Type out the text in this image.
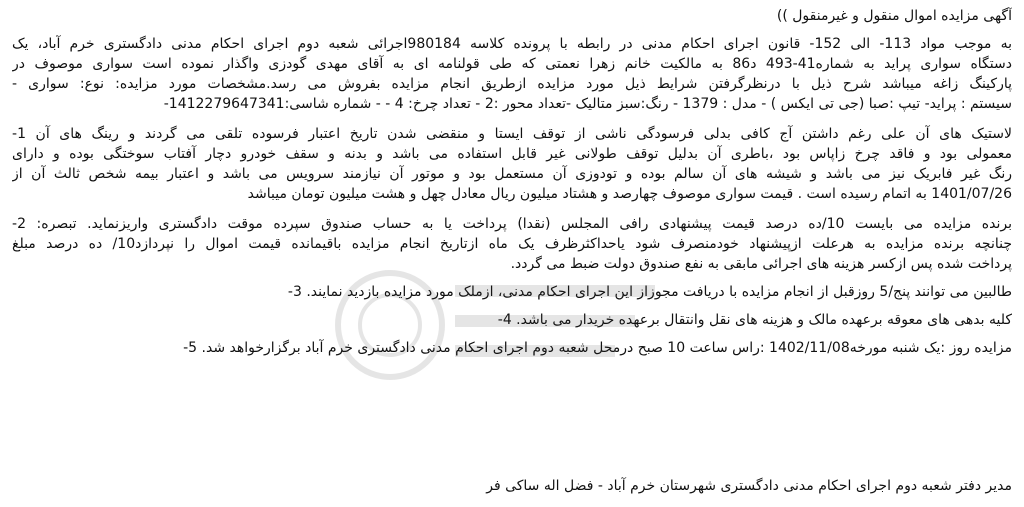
آگهی مزایده اموال منقول و غیرمنقول ))
به موجب مواد 113- الی 152- قانون اجرای احکام مدنی در رابطه با پرونده کلاسه 980184اجرائی شعبه دوم اجرای احکام مدنی دادگستری خرم آباد، یک
دستگاه سواری پراید به شماره41-493 د86 به مالکیت خانم زهرا نعمتی که طی قولنامه ای به آقای مهدی گودزی واگذار نموده است سواری موصوف در
پارکینگ زاغه میباشد شرح ذیل با درنظرگرفتن شرایط ذیل مورد مزایده ازطریق انجام مزایده بفروش می رسد.مشخصات مورد مزایده: نوع: سواری -
سیستم : پراید- تیپ :صبا (جی تی ایکس ) - مدل : 1379 - رنگ:سبز متالیک -تعداد محور :2 - تعداد چرخ: 4 - - شماره شاسی:1412279647341-
لاستیک های آن علی رغم داشتن آج کافی بدلی فرسودگی ناشی از توقف ایستا و منقضی شدن تاریخ اعتبار فرسوده تلقی می گردند و رینگ های آن 1-
معمولی بود و فاقد چرخ زاپاس بود ،باطری آن بدلیل توقف طولانی غیر قابل استفاده می باشد و بدنه و سقف خودرو دچار آفتاب سوختگی بوده و دارای
رنگ غیر فابریک نیز می باشد و شیشه های آن سالم بوده و تودوزی آن مستعمل بود و موتور آن نیازمند سرویس می باشد و اعتبار بیمه شخص ثالث آن از
1401/07/26 به اتمام رسیده است . قیمت سواری موصوف چهارصد و هشتاد میلیون ریال معادل چهل و هشت میلیون تومان میباشد
برنده مزایده می بایست 10/ده درصد قیمت پیشنهادی رافی المجلس (نقدا) پرداخت یا به حساب صندوق سپرده موقت دادگستری واریزنماید. تبصره: 2-
چنانچه برنده مزایده به هرعلت ازپیشنهاد خودمنصرف شود یاحداکثرظرف یک ماه ازتاریخ انجام مزایده باقیمانده قیمت اموال را نپردازد10/ ده درصد مبلغ
پرداخت شده پس ازکسر هزینه های اجرائی مابقی به نفع صندوق دولت ضبط می گردد.
طالبین می توانند پنج/5 روزقبل از انجام مزایده با دریافت مجوزاز این اجرای احکام مدنی، ازملک مورد مزایده بازدید نمایند. 3-
کلیه بدهی های معوقه برعهده مالک و هزینه های نقل وانتقال برعهده خریدار می باشد. 4-
مزایده روز :یک شنبه مورخه1402/11/08 :راس ساعت 10 صبح درمحل شعبه دوم اجرای احکام مدنی دادگستری خرم آباد برگزارخواهد شد. 5-
مدیر دفتر شعبه دوم اجرای احکام مدنی دادگستری شهرستان خرم آباد - فضل اله ساکی فر
